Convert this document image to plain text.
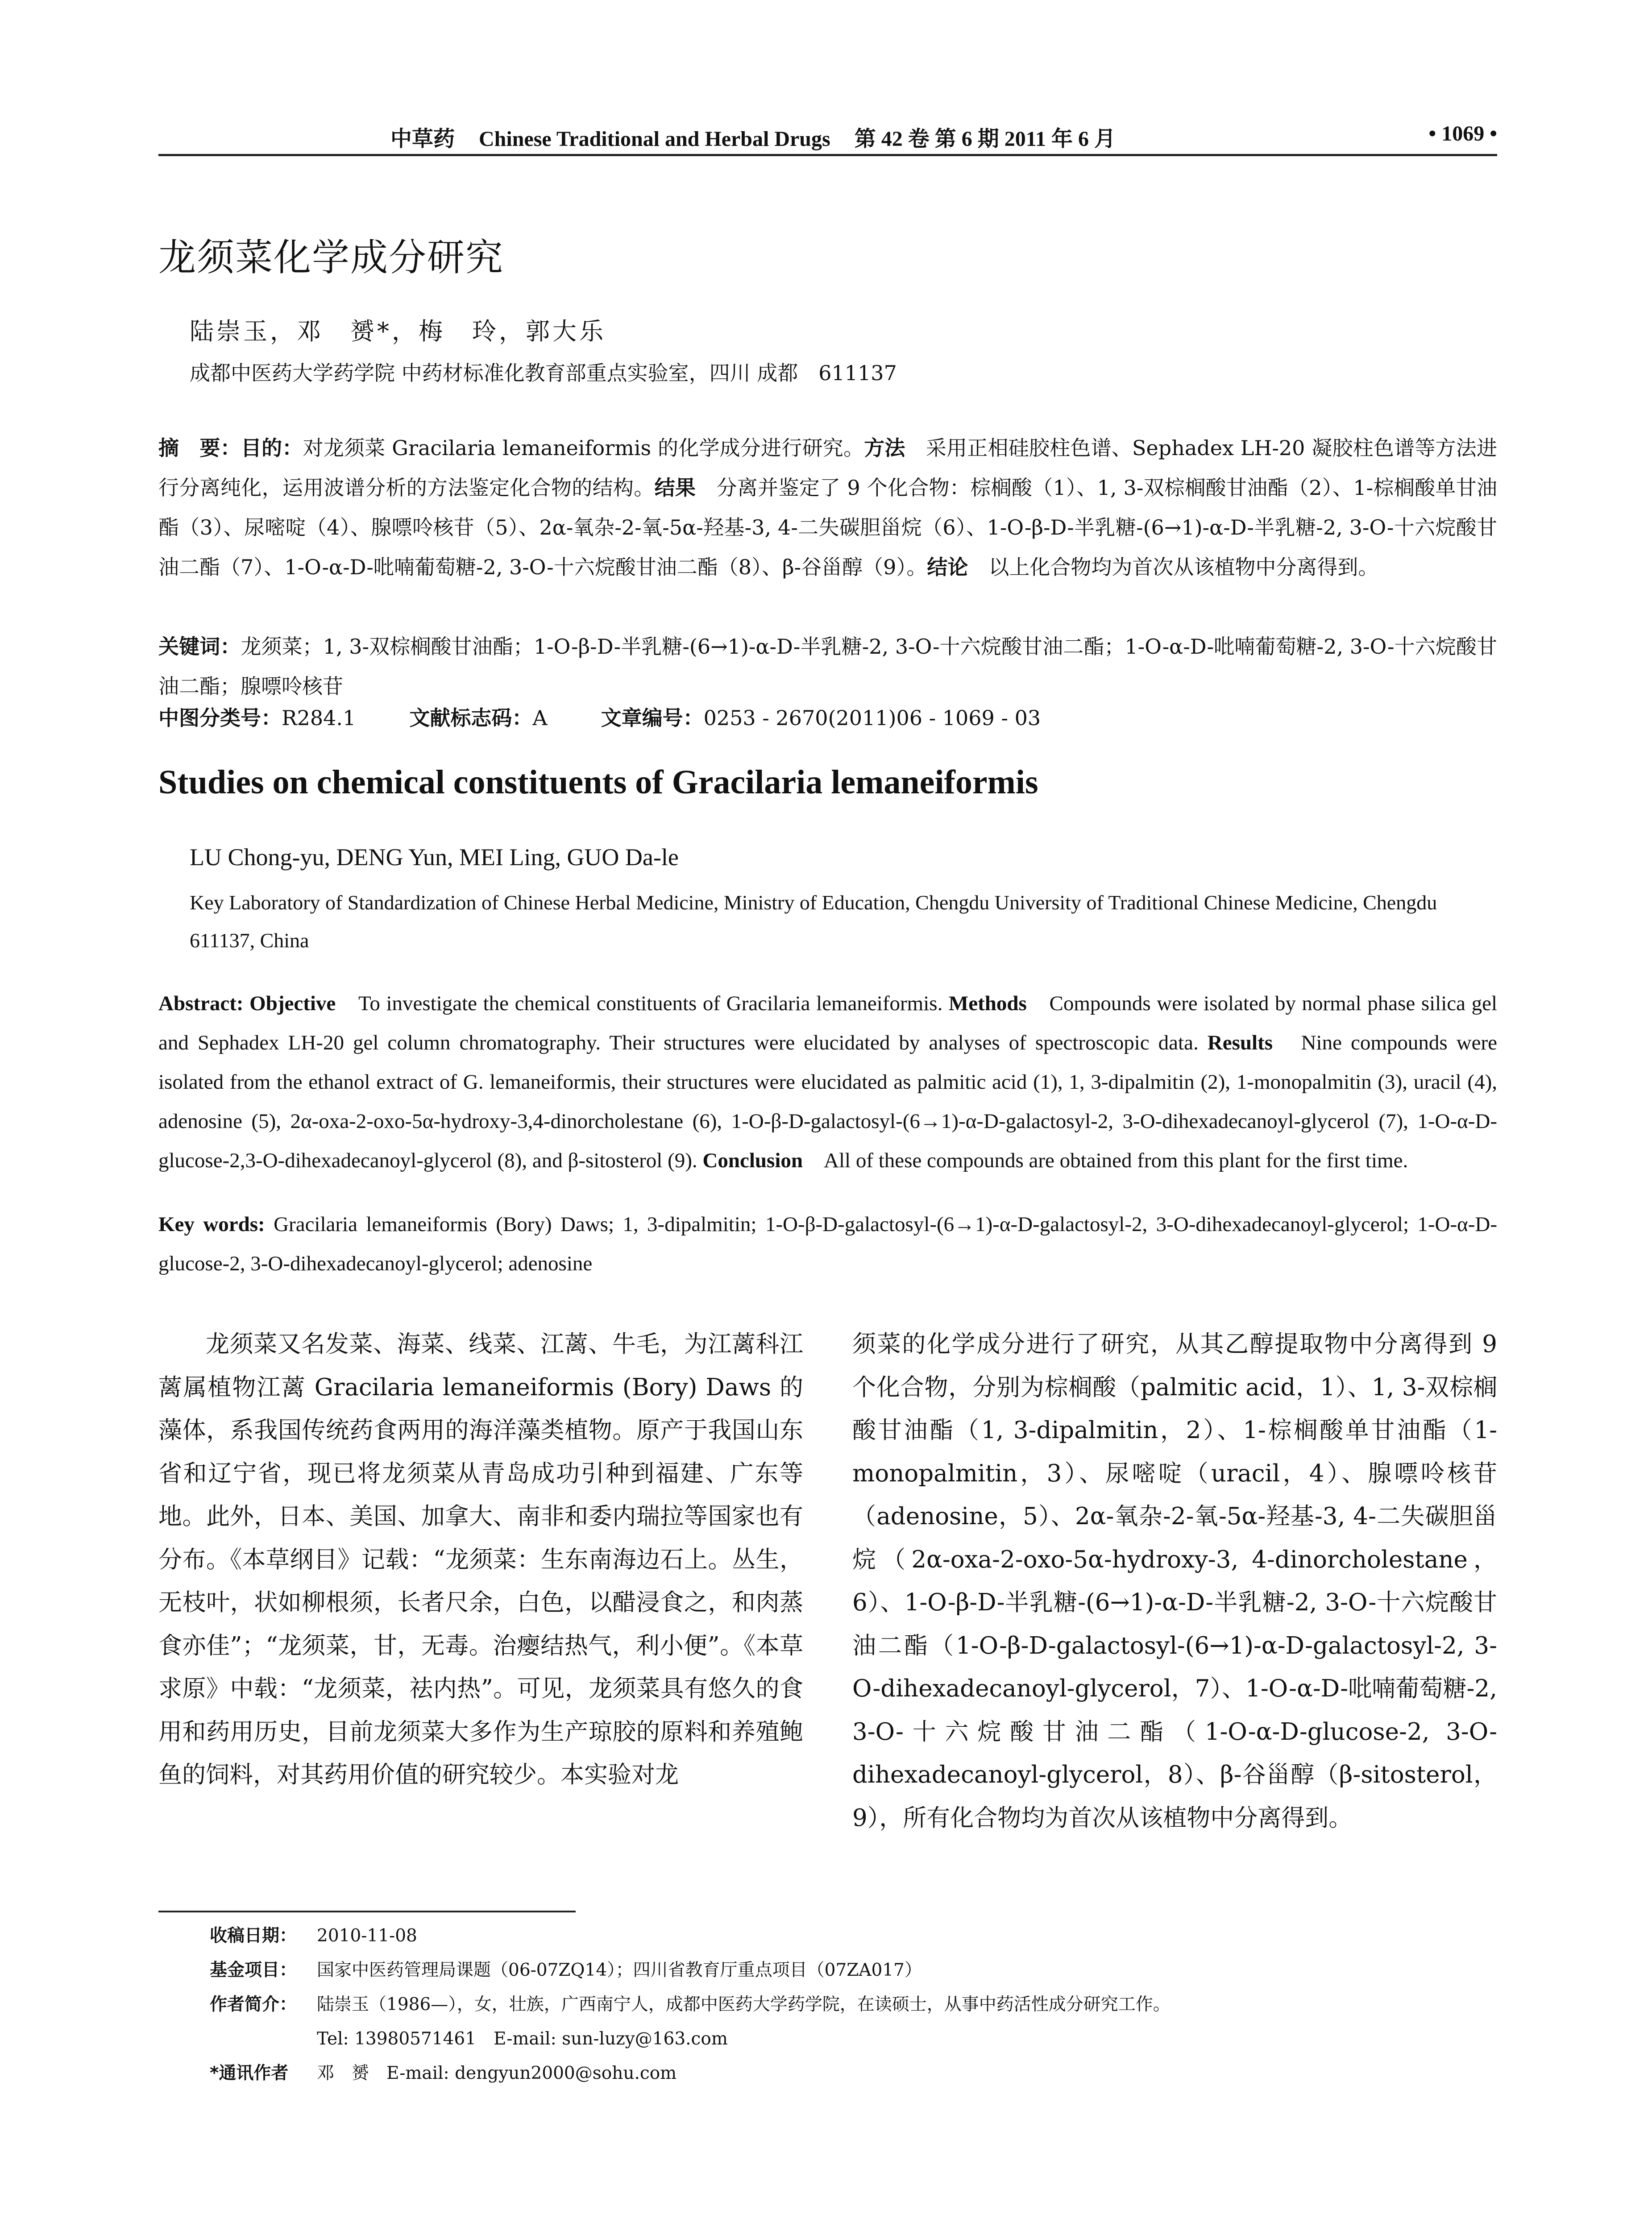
中草药 Chinese Traditional and Herbal Drugs 第 42 卷 第 6 期 2011 年 6 月	• 1069 •
龙须菜化学成分研究
陆崇玉，邓　赟*，梅　玲，郭大乐
成都中医药大学药学院 中药材标准化教育部重点实验室，四川 成都　611137
摘　要：目的：对龙须菜 Gracilaria lemaneiformis 的化学成分进行研究。方法　 采用正相硅胶柱色谱、Sephadex LH-20 凝胶柱色谱等方法进行分离纯化，运用波谱分析的方法鉴定化合物的结构。结果　 分离并鉴定了 9 个化合物：棕榈酸（1）、1, 3-双棕榈酸甘油酯（2）、1-棕榈酸单甘油酯（3）、尿嘧啶（4）、腺嘌呤核苷（5）、2α-氧杂-2-氧-5α-羟基-3, 4-二失碳胆甾烷（6）、1-O-β-D-半乳糖-(6→1)-α-D-半乳糖-2, 3-O-十六烷酸甘油二酯（7）、1-O-α-D-吡喃葡萄糖-2, 3-O-十六烷酸甘油二酯（8）、β-谷甾醇（9）。结论　 以上化合物均为首次从该植物中分离得到。
关键词：龙须菜；1, 3-双棕榈酸甘油酯；1-O-β-D-半乳糖-(6→1)-α-D-半乳糖-2, 3-O-十六烷酸甘油二酯；1-O-α-D-吡喃葡萄糖-2, 3-O-十六烷酸甘油二酯；腺嘌呤核苷
中图分类号：R284.1	文献标志码：A	文章编号：0253 - 2670(2011)06 - 1069 - 03
Studies on chemical constituents of Gracilaria lemaneiformis
LU Chong-yu, DENG Yun, MEI Ling, GUO Da-le
Key Laboratory of Standardization of Chinese Herbal Medicine, Ministry of Education, Chengdu University of Traditional Chinese Medicine, Chengdu 611137, China
Abstract: Objective　 To investigate the chemical constituents of Gracilaria lemaneiformis. Methods　 Compounds were isolated by normal phase silica gel and Sephadex LH-20 gel column chromatography. Their structures were elucidated by analyses of spectroscopic data. Results　 Nine compounds were isolated from the ethanol extract of G. lemaneiformis, their structures were elucidated as palmitic acid (1), 1, 3-dipalmitin (2), 1-monopalmitin (3), uracil (4), adenosine (5), 2α-oxa-2-oxo-5α-hydroxy-3,4-dinorcholestane (6), 1-O-β-D-galactosyl-(6→1)-α-D-galactosyl-2, 3-O-dihexadecanoyl-glycerol (7), 1-O-α-D-glucose-2,3-O-dihexadecanoyl-glycerol (8), and β-sitosterol (9). Conclusion　 All of these compounds are obtained from this plant for the first time.
Key words: Gracilaria lemaneiformis (Bory) Daws; 1, 3-dipalmitin; 1-O-β-D-galactosyl-(6→1)-α-D-galactosyl-2, 3-O-dihexadecanoyl-glycerol; 1-O-α-D-glucose-2, 3-O-dihexadecanoyl-glycerol; adenosine
龙须菜又名发菜、海菜、线菜、江蓠、牛毛，为江蓠科江蓠属植物江蓠 Gracilaria lemaneiformis (Bory) Daws 的藻体，系我国传统药食两用的海洋藻类植物。原产于我国山东省和辽宁省，现已将龙须菜从青岛成功引种到福建、广东等地。此外，日本、美国、加拿大、南非和委内瑞拉等国家也有分布。《本草纲目》记载：“龙须菜：生东南海边石上。丛生，无枝叶，状如柳根须，长者尺余，白色，以醋浸食之，和肉蒸食亦佳”；“龙须菜，甘，无毒。治瘿结热气，利小便”。《本草求原》中载：“龙须菜，祛内热”。可见，龙须菜具有悠久的食用和药用历史，目前龙须菜大多作为生产琼胶的原料和养殖鲍鱼的饲料，对其药用价值的研究较少。本实验对龙
须菜的化学成分进行了研究，从其乙醇提取物中分离得到 9 个化合物，分别为棕榈酸（palmitic acid，1）、1, 3-双棕榈酸甘油酯（1, 3-dipalmitin，2）、1-棕榈酸单甘油酯（1-monopalmitin，3）、尿嘧啶（uracil，4）、腺嘌呤核苷（adenosine，5）、2α-氧杂-2-氧-5α-羟基-3, 4-二失碳胆甾烷（2α-oxa-2-oxo-5α-hydroxy-3, 4-dinorcholestane，6）、1-O-β-D-半乳糖-(6→1)-α-D-半乳糖-2, 3-O-十六烷酸甘油二酯（1-O-β-D-galactosyl-(6→1)-α-D-galactosyl-2, 3-O-dihexadecanoyl-glycerol，7）、1-O-α-D-吡喃葡萄糖-2, 3-O-十六烷酸甘油二酯（1-O-α-D-glucose-2, 3-O-dihexadecanoyl-glycerol，8）、β-谷甾醇（β-sitosterol，9），所有化合物均为首次从该植物中分离得到。
收稿日期：	2010-11-08
基金项目：	国家中医药管理局课题（06-07ZQ14）；四川省教育厅重点项目（07ZA017）
作者简介：	陆崇玉（1986—），女，壮族，广西南宁人，成都中医药大学药学院，在读硕士，从事中药活性成分研究工作。
Tel: 13980571461　E-mail: sun-luzy@163.com
*通讯作者	邓　赟　E-mail: dengyun2000@sohu.com
